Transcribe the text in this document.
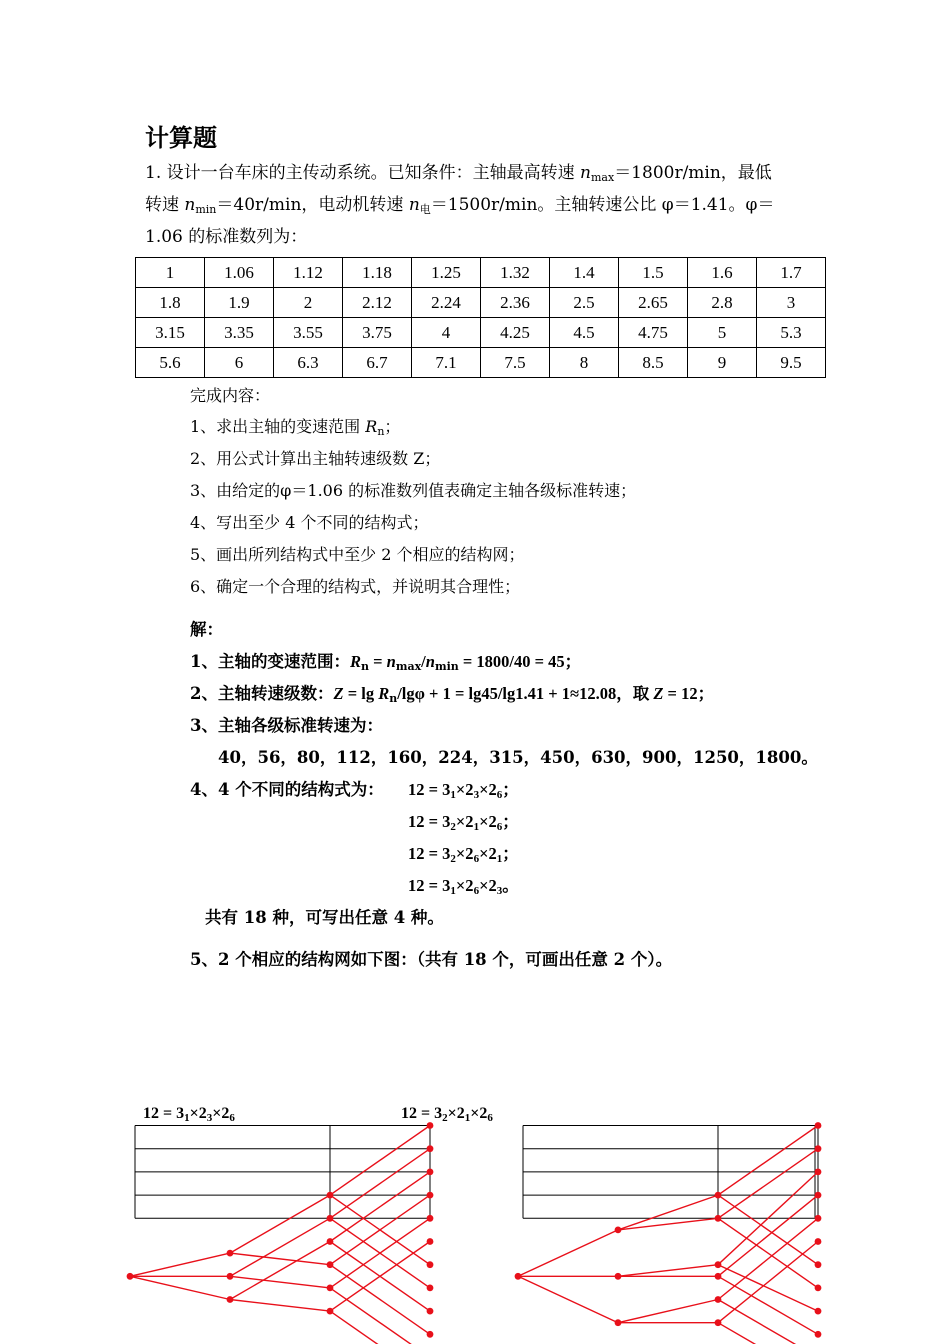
计算题
1. 设计一台车床的主传动系统。已知条件：主轴最高转速 $n_{max}=1800r/\min$，最低
转速 $n_{min}=40r/\min$，电动机转速 $n_电=1500r/\min$。主轴转速公比 φ＝1.41。φ＝
1.06 的标准数列为：
1	1.06	1.12	1.18	1.25	1.32	1.4	1.5	1.6	1.7
1.8	1.9	2	2.12	2.24	2.36	2.5	2.65	2.8	3
3.15	3.35	3.55	3.75	4	4.25	4.5	4.75	5	5.3
5.6	6	6.3	6.7	7.1	7.5	8	8.5	9	9.5
完成内容：
1、求出主轴的变速范围 $R_n$；
2、用公式计算出主轴转速级数 Z；
3、由给定的φ＝1.06 的标准数列值表确定主轴各级标准转速；
4、写出至少 4 个不同的结构式；
5、画出所列结构式中至少 2 个相应的结构网；
6、确定一个合理的结构式，并说明其合理性；
解：
1、主轴的变速范围：$R_n = n_{max}/n_{min} = 1800/40 = 45$；
2、主轴转速级数：$Z = \lg R_n$/lgφ + 1 = lg45/lg1.41 + 1≈12.08，取 Z = 12；
3、主轴各级标准转速为：
40，56，80，112，160，224，315，450，630，900，1250，1800。
4、4 个不同的结构式为： $12 = 3_1\times 2_3\times 2_6$；
$12 = 3_2\times 2_1\times 2_6$；
$12 = 3_2\times 2_6\times 2_1$；
$12 = 3_1\times 2_6\times 2_3$。
共有 18 种，可写出任意 4 种。
5、2 个相应的结构网如下图：（共有 18 个，可画出任意 2 个）。
$12 = 3_1\times 2_3\times 2_6$	$12 = 3_2\times 2_1\times 2_6$
